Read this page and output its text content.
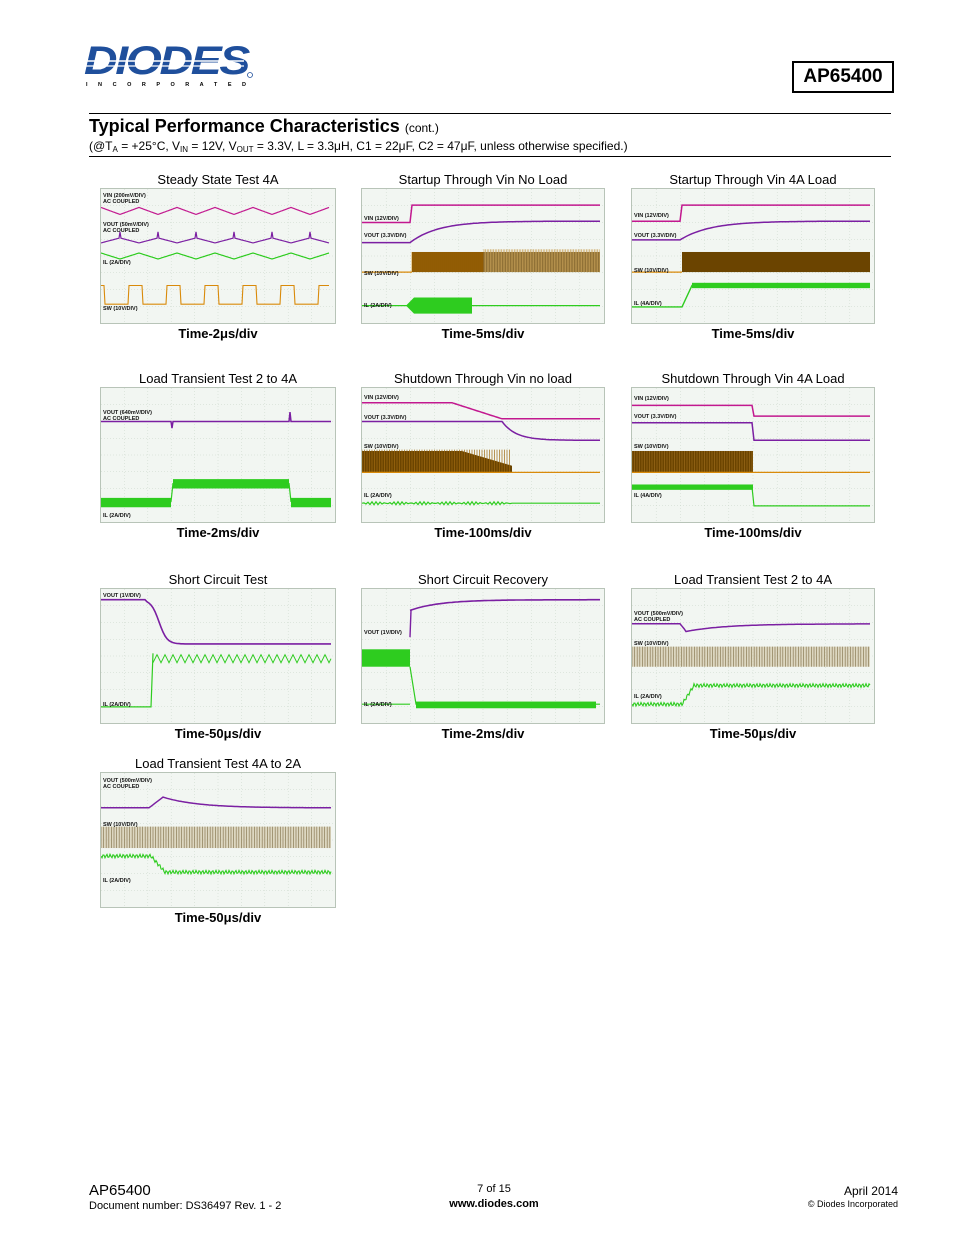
DIODES
I N C O R P O R A T E D	AP65400
Typical Performance Characteristics (cont.)
($@T_A = +25^\circ C$, $V_{IN} = 12V$, $V_{OUT} = 3.3V$, L = 3.3μH, C1 = 22μF, C2 = 47μF, unless otherwise specified.)
Steady State Test 4A
VIN (200mV/DIV)
AC COUPLED
VOUT (50mV/DIV)
AC COUPLED
IL (2A/DIV)
SW (10V/DIV)
Time-2μs/div
Startup Through Vin No Load
VIN (12V/DIV)
VOUT (3.3V/DIV)
SW (10V/DIV)
IL (2A/DIV)
Time-5ms/div
Startup Through Vin 4A Load
VIN (12V/DIV)
VOUT (3.3V/DIV)
SW (10V/DIV)
IL (4A/DIV)
Time-5ms/div
Load Transient Test 2 to 4A
VOUT (640mV/DIV)
AC COUPLED
IL (2A/DIV)
Time-2ms/div
Shutdown Through Vin no load
VIN (12V/DIV)
VOUT (3.3V/DIV)
SW (10V/DIV)
IL (2A/DIV)
Time-100ms/div
Shutdown Through Vin 4A Load
VIN (12V/DIV)
VOUT (3.3V/DIV)
SW (10V/DIV)
IL (4A/DIV)
Time-100ms/div
Short Circuit Test
VOUT (1V/DIV)
IL (2A/DIV)
Time-50μs/div
Short Circuit Recovery
VOUT (1V/DIV)
IL (2A/DIV)
Time-2ms/div
Load Transient Test 2 to 4A
VOUT (500mV/DIV)
AC COUPLED
SW (10V/DIV)
IL (2A/DIV)
Time-50μs/div
Load Transient Test 4A to 2A
VOUT (500mV/DIV)
AC COUPLED
SW (10V/DIV)
IL (2A/DIV)
Time-50μs/div
AP65400
Document number: DS36497 Rev. 1 - 2
7 of 15
www.diodes.com
April 2014
© Diodes Incorporated
